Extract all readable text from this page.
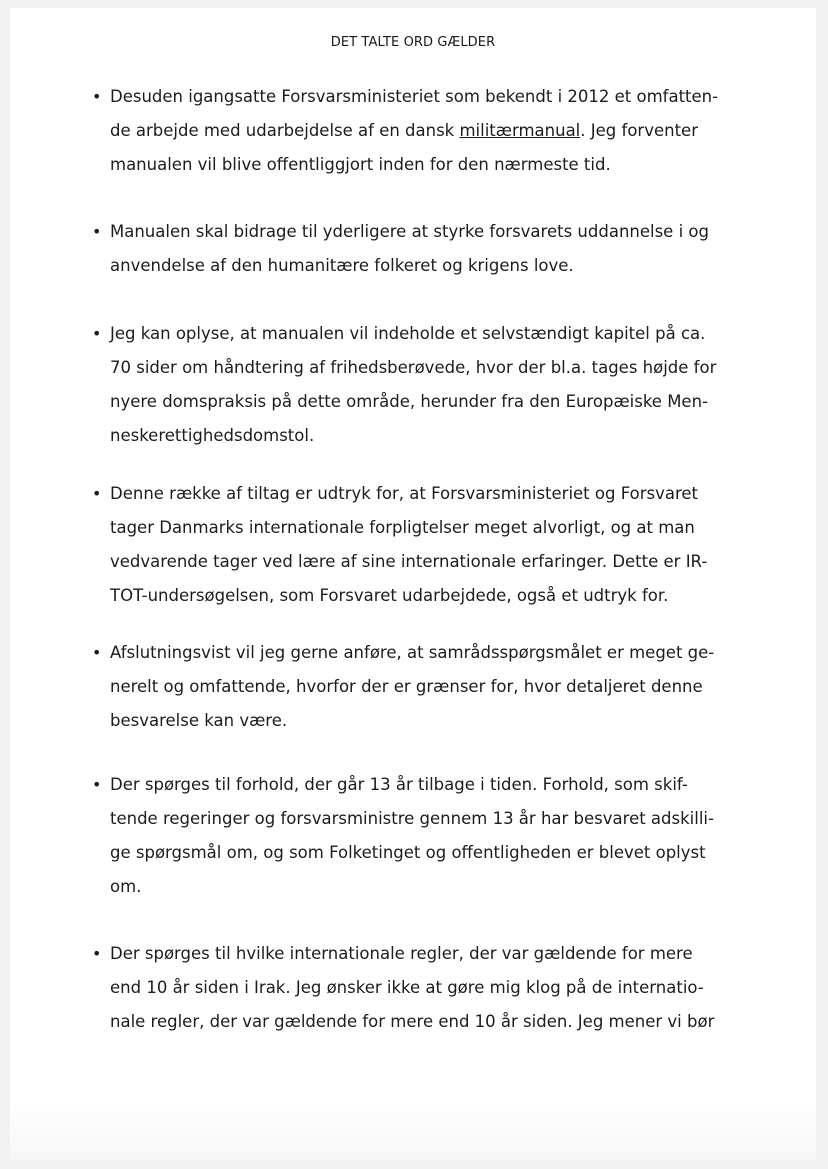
DET TALTE ORD GÆLDER
• Desuden igangsatte Forsvarsministeriet som bekendt i 2012 et omfatten-
de arbejde med udarbejdelse af en dansk militærmanual. Jeg forventer
manualen vil blive offentliggjort inden for den nærmeste tid.
• Manualen skal bidrage til yderligere at styrke forsvarets uddannelse i og
anvendelse af den humanitære folkeret og krigens love.
• Jeg kan oplyse, at manualen vil indeholde et selvstændigt kapitel på ca.
70 sider om håndtering af frihedsberøvede, hvor der bl.a. tages højde for
nyere domspraksis på dette område, herunder fra den Europæiske Men-
neskerettighedsdomstol.
• Denne række af tiltag er udtryk for, at Forsvarsministeriet og Forsvaret
tager Danmarks internationale forpligtelser meget alvorligt, og at man
vedvarende tager ved lære af sine internationale erfaringer. Dette er IR-
TOT-undersøgelsen, som Forsvaret udarbejdede, også et udtryk for.
• Afslutningsvist vil jeg gerne anføre, at samrådsspørgsmålet er meget ge-
nerelt og omfattende, hvorfor der er grænser for, hvor detaljeret denne
besvarelse kan være.
• Der spørges til forhold, der går 13 år tilbage i tiden. Forhold, som skif-
tende regeringer og forsvarsministre gennem 13 år har besvaret adskilli-
ge spørgsmål om, og som Folketinget og offentligheden er blevet oplyst
om.
• Der spørges til hvilke internationale regler, der var gældende for mere
end 10 år siden i Irak. Jeg ønsker ikke at gøre mig klog på de internatio-
nale regler, der var gældende for mere end 10 år siden. Jeg mener vi bør
